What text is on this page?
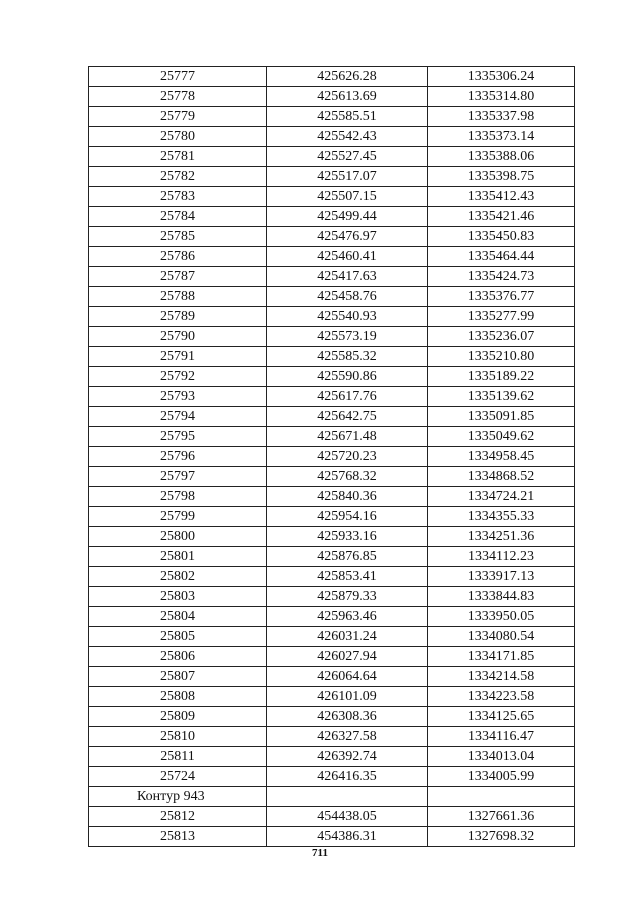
25777	425626.28	1335306.24
25778	425613.69	1335314.80
25779	425585.51	1335337.98
25780	425542.43	1335373.14
25781	425527.45	1335388.06
25782	425517.07	1335398.75
25783	425507.15	1335412.43
25784	425499.44	1335421.46
25785	425476.97	1335450.83
25786	425460.41	1335464.44
25787	425417.63	1335424.73
25788	425458.76	1335376.77
25789	425540.93	1335277.99
25790	425573.19	1335236.07
25791	425585.32	1335210.80
25792	425590.86	1335189.22
25793	425617.76	1335139.62
25794	425642.75	1335091.85
25795	425671.48	1335049.62
25796	425720.23	1334958.45
25797	425768.32	1334868.52
25798	425840.36	1334724.21
25799	425954.16	1334355.33
25800	425933.16	1334251.36
25801	425876.85	1334112.23
25802	425853.41	1333917.13
25803	425879.33	1333844.83
25804	425963.46	1333950.05
25805	426031.24	1334080.54
25806	426027.94	1334171.85
25807	426064.64	1334214.58
25808	426101.09	1334223.58
25809	426308.36	1334125.65
25810	426327.58	1334116.47
25811	426392.74	1334013.04
25724	426416.35	1334005.99
Контур 943		
25812	454438.05	1327661.36
25813	454386.31	1327698.32
711
